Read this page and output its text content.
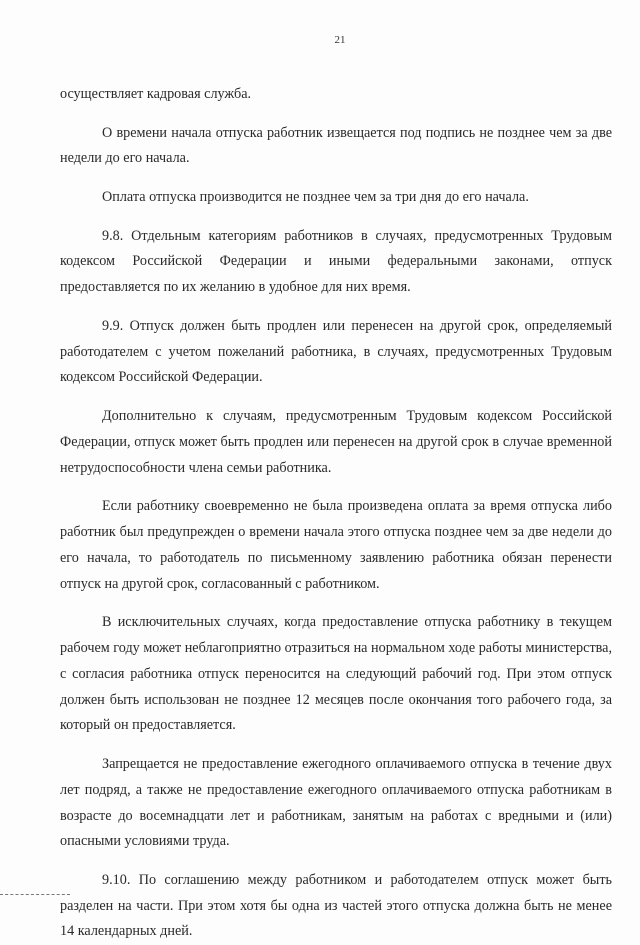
21

осуществляет кадровая служба.

О времени начала отпуска работник извещается под подпись не позднее чем за две недели до его начала.

Оплата отпуска производится не позднее чем за три дня до его начала.

9.8. Отдельным категориям работников в случаях, предусмотренных Трудовым кодексом Российской Федерации и иными федеральными законами, отпуск предоставляется по их желанию в удобное для них время.

9.9. Отпуск должен быть продлен или перенесен на другой срок, определяемый работодателем с учетом пожеланий работника, в случаях, предусмотренных Трудовым кодексом Российской Федерации.

Дополнительно к случаям, предусмотренным Трудовым кодексом Российской Федерации, отпуск может быть продлен или перенесен на другой срок в случае временной нетрудоспособности члена семьи работника.

Если работнику своевременно не была произведена оплата за время отпуска либо работник был предупрежден о времени начала этого отпуска позднее чем за две недели до его начала, то работодатель по письменному заявлению работника обязан перенести отпуск на другой срок, согласованный с работником.

В исключительных случаях, когда предоставление отпуска работнику в текущем рабочем году может неблагоприятно отразиться на нормальном ходе работы министерства, с согласия работника отпуск переносится на следующий рабочий год. При этом отпуск должен быть использован не позднее 12 месяцев после окончания того рабочего года, за который он предоставляется.

Запрещается не предоставление ежегодного оплачиваемого отпуска в течение двух лет подряд, а также не предоставление ежегодного оплачиваемого отпуска работникам в возрасте до восемнадцати лет и работникам, занятым на работах с вредными и (или) опасными условиями труда.

9.10. По соглашению между работником и работодателем отпуск может быть разделен на части. При этом хотя бы одна из частей этого отпуска должна быть не менее 14 календарных дней.
